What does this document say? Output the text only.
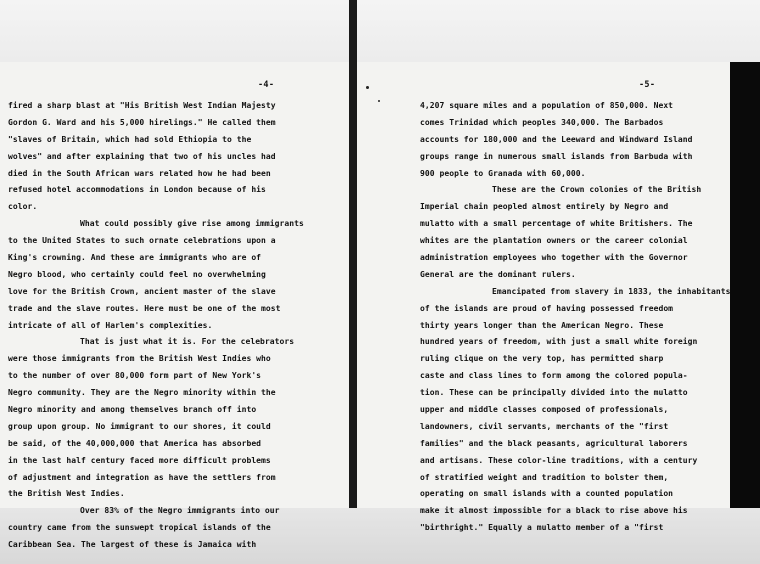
-4-
fired a sharp blast at "His British West Indian Majesty
Gordon G. Ward and his 5,000 hirelings." He called them
"slaves of Britain, which had sold Ethiopia to the
wolves" and after explaining that two of his uncles had
died in the South African wars related how he had been
refused hotel accommodations in London because of his
color.
What could possibly give rise among immigrants
to the United States to such ornate celebrations upon a
King's crowning. And these are immigrants who are of
Negro blood, who certainly could feel no overwhelming
love for the British Crown, ancient master of the slave
trade and the slave routes. Here must be one of the most
intricate of all of Harlem's complexities.
That is just what it is. For the celebrators
were those immigrants from the British West Indies who
to the number of over 80,000 form part of New York's
Negro community. They are the Negro minority within the
Negro minority and among themselves branch off into
group upon group. No immigrant to our shores, it could
be said, of the 40,000,000 that America has absorbed
in the last half century faced more difficult problems
of adjustment and integration as have the settlers from
the British West Indies.
Over 83% of the Negro immigrants into our
country came from the sunswept tropical islands of the
Caribbean Sea. The largest of these is Jamaica with
-5-
4,207 square miles and a population of 850,000. Next
comes Trinidad which peoples 340,000. The Barbados
accounts for 180,000 and the Leeward and Windward Island
groups range in numerous small islands from Barbuda with
900 people to Granada with 60,000.
These are the Crown colonies of the British
Imperial chain peopled almost entirely by Negro and
mulatto with a small percentage of white Britishers. The
whites are the plantation owners or the career colonial
administration employees who together with the Governor
General are the dominant rulers.
Emancipated from slavery in 1833, the inhabitants
of the islands are proud of having possessed freedom
thirty years longer than the American Negro. These
hundred years of freedom, with just a small white foreign
ruling clique on the very top, has permitted sharp
caste and class lines to form among the colored popula-
tion. These can be principally divided into the mulatto
upper and middle classes composed of professionals,
landowners, civil servants, merchants of the "first
families" and the black peasants, agricultural laborers
and artisans. These color-line traditions, with a century
of stratified weight and tradition to bolster them,
operating on small islands with a counted population
make it almost impossible for a black to rise above his
"birthright." Equally a mulatto member of a "first
